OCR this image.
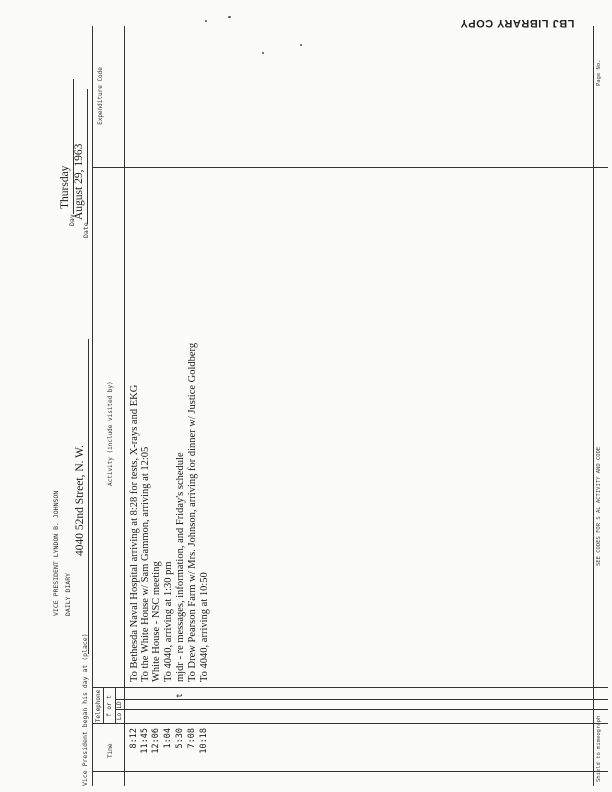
LBJ LIBRARY COPY
VICE PRESIDENT LYNDON B. JOHNSON DAILY DIARY
Vice President began his day at (place)
4040 52nd Street, N. W.
Day
Thursday
Date
August 29, 1963
Time
Telephone f or t Lo
LD
Activity (include visited by)
Expenditure Code
8:12
To Bethesda Naval Hospital arriving at 8:28 for tests, X-rays and EKG
11:45
To the White House w/ Sam Gammon, arriving at 12:05
12:06
White House - NSC meeting
1:04
To 4040, arriving at 1:30 pm
5:30
t
mjdr - re messages, information, and Friday's schedule
7:08
To Drew Pearson Farm w/ Mrs. Johnson, arriving for dinner w/ Justice Goldberg
10:18
To 4040, arriving at 10:50
Shield to mimeograph
SEE CODES FOR S AL ACTIVITY AND CODE
Page No.
